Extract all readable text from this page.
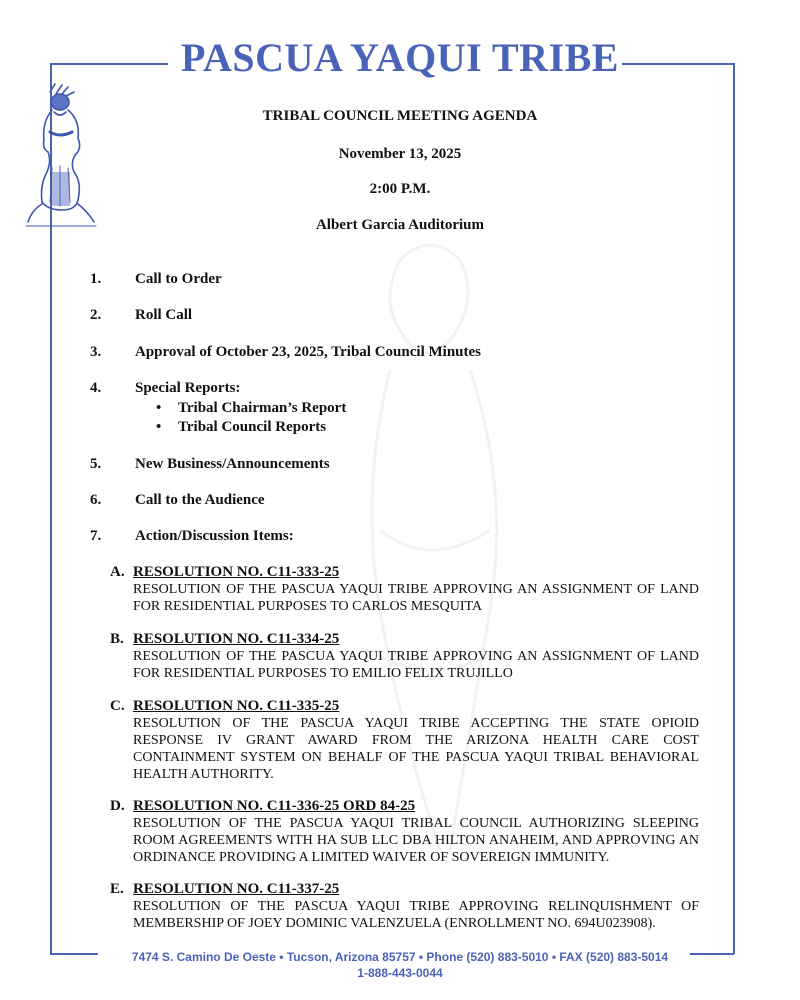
PASCUA YAQUI TRIBE
TRIBAL COUNCIL MEETING AGENDA
November 13, 2025
2:00 P.M.
Albert Garcia Auditorium
1. Call to Order
2. Roll Call
3. Approval of October 23, 2025, Tribal Council Minutes
4. Special Reports:
• Tribal Chairman’s Report
• Tribal Council Reports
5. New Business/Announcements
6. Call to the Audience
7. Action/Discussion Items:
A. RESOLUTION NO. C11-333-25
RESOLUTION OF THE PASCUA YAQUI TRIBE APPROVING AN ASSIGNMENT OF LAND FOR RESIDENTIAL PURPOSES TO CARLOS MESQUITA
B. RESOLUTION NO. C11-334-25
RESOLUTION OF THE PASCUA YAQUI TRIBE APPROVING AN ASSIGNMENT OF LAND FOR RESIDENTIAL PURPOSES TO EMILIO FELIX TRUJILLO
C. RESOLUTION NO. C11-335-25
RESOLUTION OF THE PASCUA YAQUI TRIBE ACCEPTING THE STATE OPIOID RESPONSE IV GRANT AWARD FROM THE ARIZONA HEALTH CARE COST CONTAINMENT SYSTEM ON BEHALF OF THE PASCUA YAQUI TRIBAL BEHAVIORAL HEALTH AUTHORITY.
D. RESOLUTION NO. C11-336-25 ORD 84-25
RESOLUTION OF THE PASCUA YAQUI TRIBAL COUNCIL AUTHORIZING SLEEPING ROOM AGREEMENTS WITH HA SUB LLC DBA HILTON ANAHEIM, AND APPROVING AN ORDINANCE PROVIDING A LIMITED WAIVER OF SOVEREIGN IMMUNITY.
E. RESOLUTION NO. C11-337-25
RESOLUTION OF THE PASCUA YAQUI TRIBE APPROVING RELINQUISHMENT OF MEMBERSHIP OF JOEY DOMINIC VALENZUELA (ENROLLMENT NO. 694U023908).
7474 S. Camino De Oeste • Tucson, Arizona 85757 • Phone (520) 883-5010 • FAX (520) 883-5014
1-888-443-0044
